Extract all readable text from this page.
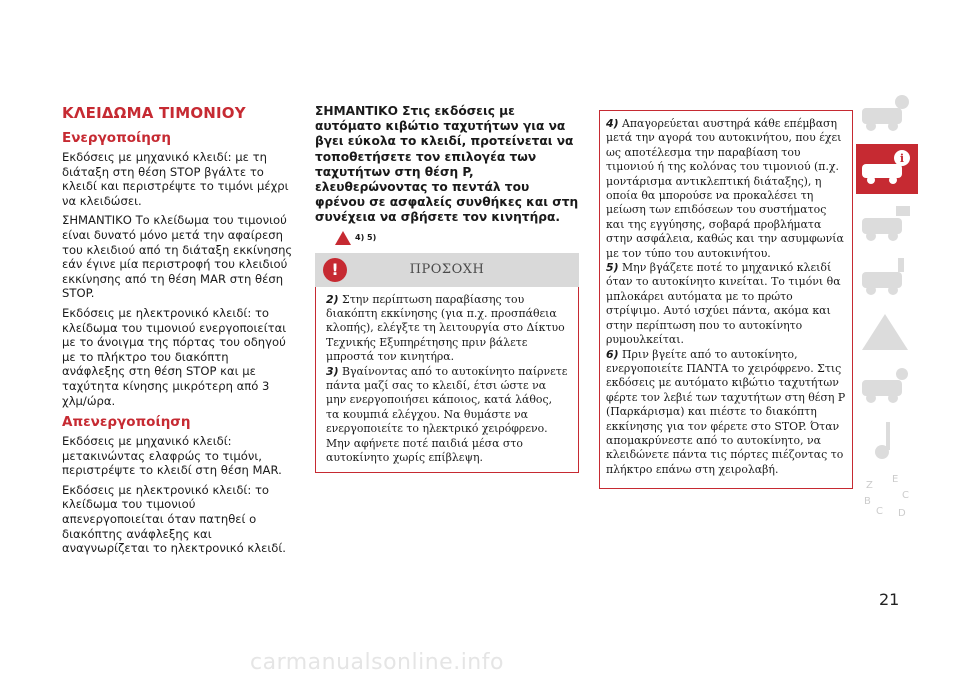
ΚΛΕΙΔΩΜΑ ΤΙΜΟΝΙΟΥ
Ενεργοποίηση

Εκδόσεις με μηχανικό κλειδί: με τη διάταξη στη θέση STOP βγάλτε το κλειδί και περιστρέψτε το τιμόνι μέχρι να κλειδώσει.

ΣΗΜΑΝΤΙΚΟ Το κλείδωμα του τιμονιού είναι δυνατό μόνο μετά την αφαίρεση του κλειδιού από τη διάταξη εκκίνησης εάν έγινε μία περιστροφή του κλειδιού εκκίνησης από τη θέση MAR στη θέση STOP.

Εκδόσεις με ηλεκτρονικό κλειδί: το κλείδωμα του τιμονιού ενεργοποιείται με το άνοιγμα της πόρτας του οδηγού με το πλήκτρο του διακόπτη ανάφλεξης στη θέση STOP και με ταχύτητα κίνησης μικρότερη από 3 χλμ/ώρα.

Απενεργοποίηση

Εκδόσεις με μηχανικό κλειδί: μετακινώντας ελαφρώς το τιμόνι, περιστρέψτε το κλειδί στη θέση MAR.

Εκδόσεις με ηλεκτρονικό κλειδί: το κλείδωμα του τιμονιού απενεργοποιείται όταν πατηθεί ο διακόπτης ανάφλεξης και αναγνωρίζεται το ηλεκτρονικό κλειδί.

ΣΗΜΑΝΤΙΚΟ Στις εκδόσεις με αυτόματο κιβώτιο ταχυτήτων για να βγει εύκολα το κλειδί, προτείνεται να τοποθετήσετε τον επιλογέα των ταχυτήτων στη θέση P, ελευθερώνοντας το πεντάλ του φρένου σε ασφαλείς συνθήκες και στη συνέχεια να σβήσετε τον κινητήρα.

4) 5)
!	ΠΡΟΣΟΧΗ

2) Στην περίπτωση παραβίασης του διακόπτη εκκίνησης (για π.χ. προσπάθεια κλοπής), ελέγξτε τη λειτουργία στο Δίκτυο Τεχνικής Εξυπηρέτησης πριν βάλετε μπροστά τον κινητήρα.

3) Βγαίνοντας από το αυτοκίνητο παίρνετε πάντα μαζί σας το κλειδί, έτσι ώστε να μην ενεργοποιήσει κάποιος, κατά λάθος, τα κουμπιά ελέγχου. Να θυμάστε να ενεργοποιείτε το ηλεκτρικό χειρόφρενο. Μην αφήνετε ποτέ παιδιά μέσα στο αυτοκίνητο χωρίς επίβλεψη.

4) Απαγορεύεται αυστηρά κάθε επέμβαση μετά την αγορά του αυτοκινήτου, που έχει ως αποτέλεσμα την παραβίαση του τιμονιού ή της κολόνας του τιμονιού (π.χ. μοντάρισμα αντικλεπτική διάταξης), η οποία θα μπορούσε να προκαλέσει τη μείωση των επιδόσεων του συστήματος και της εγγύησης, σοβαρά προβλήματα στην ασφάλεια, καθώς και την ασυμφωνία με τον τύπο του αυτοκινήτου.

5) Μην βγάζετε ποτέ το μηχανικό κλειδί όταν το αυτοκίνητο κινείται. Το τιμόνι θα μπλοκάρει αυτόματα με το πρώτο στρίψιμο. Αυτό ισχύει πάντα, ακόμα και στην περίπτωση που το αυτοκίνητο ρυμουλκείται.

6) Πριν βγείτε από το αυτοκίνητο, ενεργοποιείτε ΠΑΝΤΑ το χειρόφρενο. Στις εκδόσεις με αυτόματο κιβώτιο ταχυτήτων φέρτε τον λεβιέ των ταχυτήτων στη θέση P (Παρκάρισμα) και πιέστε το διακόπτη εκκίνησης για τον φέρετε στο STOP. Όταν απομακρύνεστε από το αυτοκίνητο, να κλειδώνετε πάντα τις πόρτες πιέζοντας το πλήκτρο επάνω στη χειρολαβή.

i
Z
E
B
C
C D
21
carmanualsonline.info
